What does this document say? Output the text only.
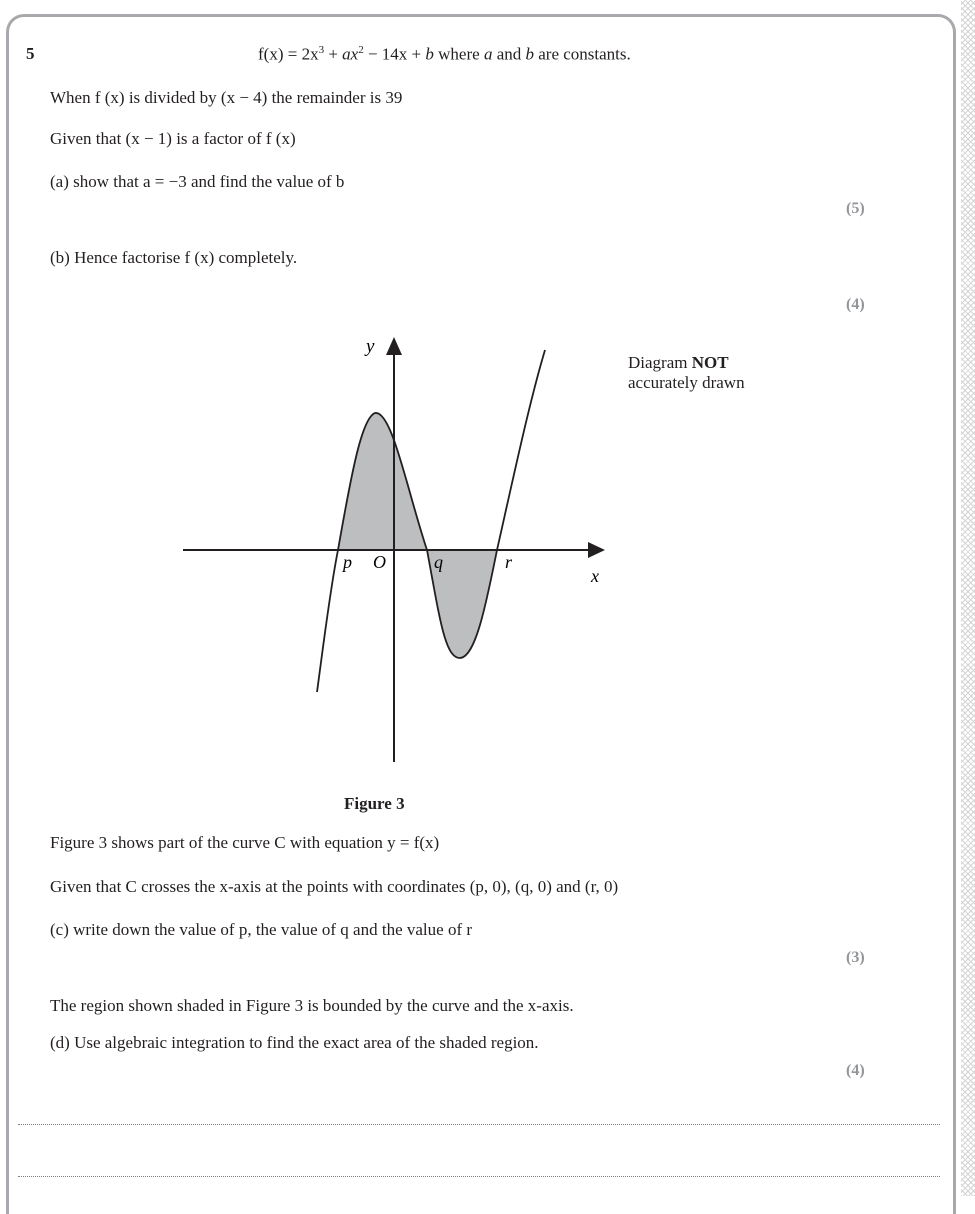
5	$f(x) = 2x^3 + ax^2 - 14x + b$ where a and b are constants.
When f (x) is divided by (x − 4) the remainder is 39
Given that (x − 1) is a factor of f (x)
(a) show that a = −3 and find the value of b
(5)
(b) Hence factorise f (x) completely.
(4)
Diagram NOT
accurately drawn
y
x
p O	q	r
Figure 3
Figure 3 shows part of the curve C with equation y = f(x)
Given that C crosses the x-axis at the points with coordinates (p, 0), (q, 0) and (r, 0)
(c) write down the value of p, the value of q and the value of r
(3)
The region shown shaded in Figure 3 is bounded by the curve and the x-axis.
(d) Use algebraic integration to find the exact area of the shaded region.
(4)
